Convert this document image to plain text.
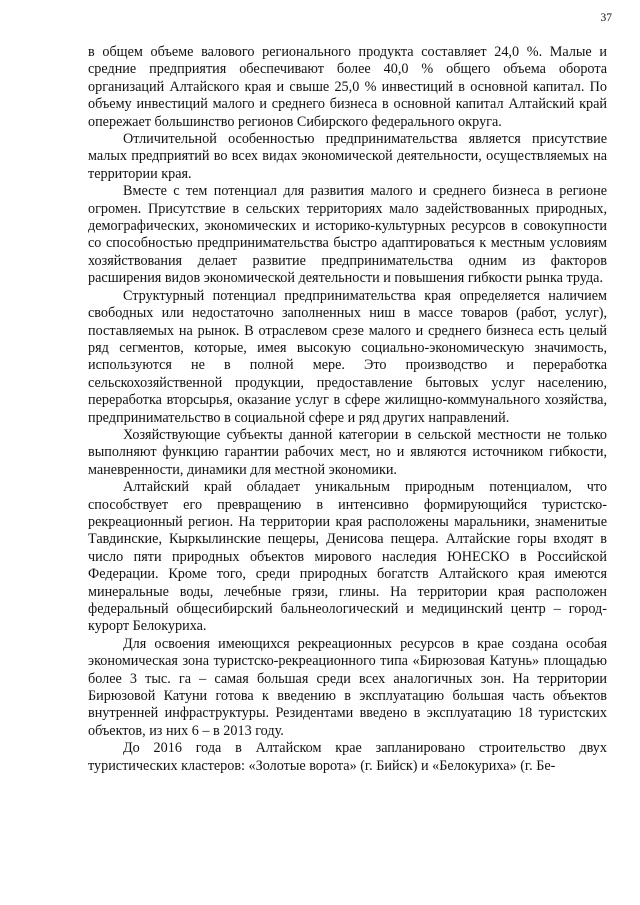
37

в общем объеме валового регионального продукта составляет 24,0 %. Малые и средние предприятия обеспечивают более 40,0 % общего объема оборота организаций Алтайского края и свыше 25,0 % инвестиций в основной капитал. По объему инвестиций малого и среднего бизнеса в основной капитал Алтайский край опережает большинство регионов Сибирского федерального округа.

Отличительной особенностью предпринимательства является присутствие малых предприятий во всех видах экономической деятельности, осуществляемых на территории края.

Вместе с тем потенциал для развития малого и среднего бизнеса в регионе огромен. Присутствие в сельских территориях мало задействованных природных, демографических, экономических и историко-культурных ресурсов в совокупности со способностью предпринимательства быстро адаптироваться к местным условиям хозяйствования делает развитие предпринимательства одним из факторов расширения видов экономической деятельности и повышения гибкости рынка труда.

Структурный потенциал предпринимательства края определяется наличием свободных или недостаточно заполненных ниш в массе товаров (работ, услуг), поставляемых на рынок. В отраслевом срезе малого и среднего бизнеса есть целый ряд сегментов, которые, имея высокую социально-экономическую значимость, используются не в полной мере. Это производство и переработка сельскохозяйственной продукции, предоставление бытовых услуг населению, переработка вторсырья, оказание услуг в сфере жилищно-коммунального хозяйства, предпринимательство в социальной сфере и ряд других направлений.

Хозяйствующие субъекты данной категории в сельской местности не только выполняют функцию гарантии рабочих мест, но и являются источником гибкости, маневренности, динамики для местной экономики.

Алтайский край обладает уникальным природным потенциалом, что способствует его превращению в интенсивно формирующийся туристско-рекреационный регион. На территории края расположены маральники, знаменитые Тавдинские, Кыркылинские пещеры, Денисова пещера. Алтайские горы входят в число пяти природных объектов мирового наследия ЮНЕСКО в Российской Федерации. Кроме того, среди природных богатств Алтайского края имеются минеральные воды, лечебные грязи, глины. На территории края расположен федеральный общесибирский бальнеологический и медицинский центр – город-курорт Белокуриха.

Для освоения имеющихся рекреационных ресурсов в крае создана особая экономическая зона туристско-рекреационного типа «Бирюзовая Катунь» площадью более 3 тыс. га – самая большая среди всех аналогичных зон. На территории Бирюзовой Катуни готова к введению в эксплуатацию большая часть объектов внутренней инфраструктуры. Резидентами введено в эксплуатацию 18 туристских объектов, из них 6 – в 2013 году.

До 2016 года в Алтайском крае запланировано строительство двух туристических кластеров: «Золотые ворота» (г. Бийск) и «Белокуриха» (г. Бе-
